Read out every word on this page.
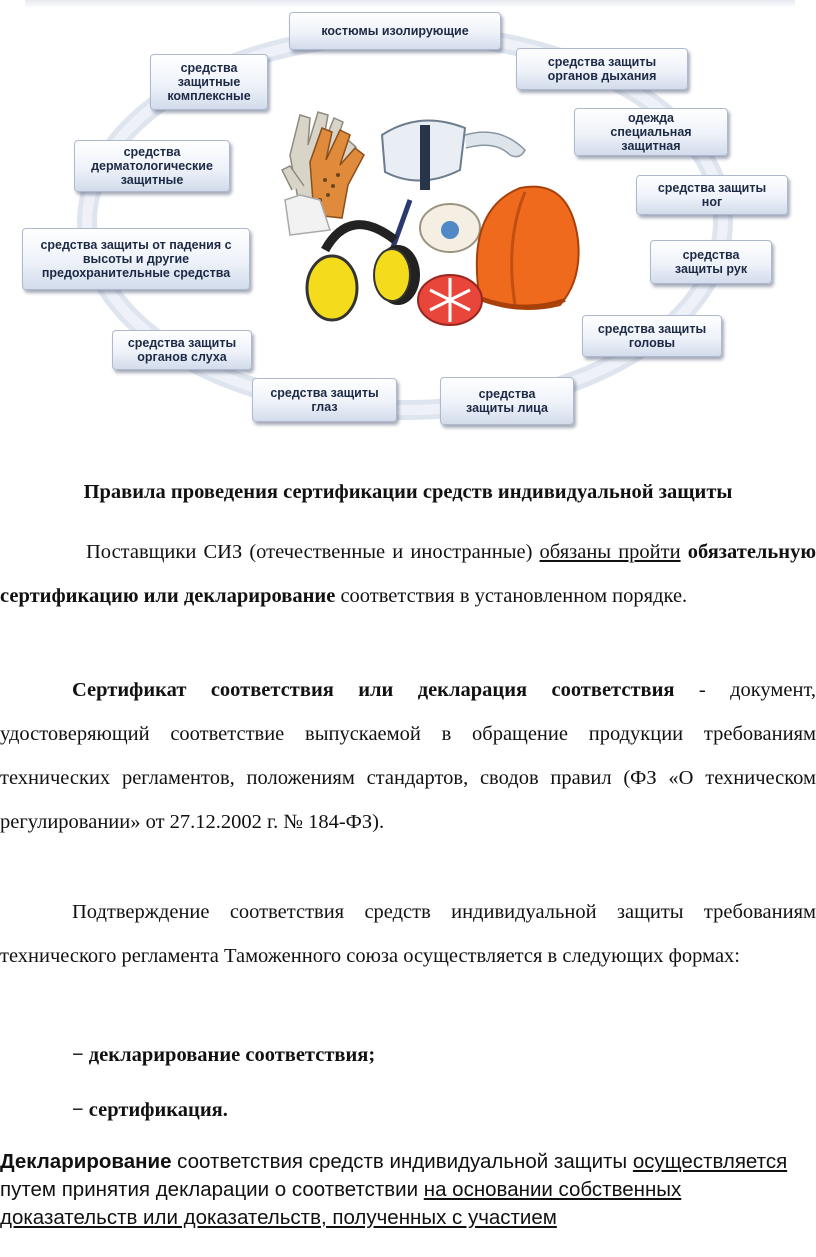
костюмы изолирующие
средства защиты
органов дыхания
одежда
специальная
защитная
средства защиты
ног
средства
защиты рук
средства защиты
головы
средства
защиты лица
средства защиты
глаз
средства защиты
органов слуха
средства защиты от падения с
высоты и другие
предохранительные средства
средства
дерматологические
защитные
средства
защитные
комплексные
Правила проведения сертификации средств индивидуальной защиты

Поставщики СИЗ (отечественные и иностранные) обязаны пройти обязательную сертификацию или декларирование соответствия в установленном порядке.

Сертификат соответствия или декларация соответствия - документ, удостоверяющий соответствие выпускаемой в обращение продукции требованиям технических регламентов, положениям стандартов, сводов правил (ФЗ «О техническом регулировании» от 27.12.2002 г. № 184-ФЗ).

Подтверждение соответствия средств индивидуальной защиты требованиям технического регламента Таможенного союза осуществляется в следующих формах:

− декларирование соответствия;
− сертификация.

Декларирование соответствия средств индивидуальной защиты осуществляется путем принятия декларации о соответствии на основании собственных доказательств или доказательств, полученных с участием
